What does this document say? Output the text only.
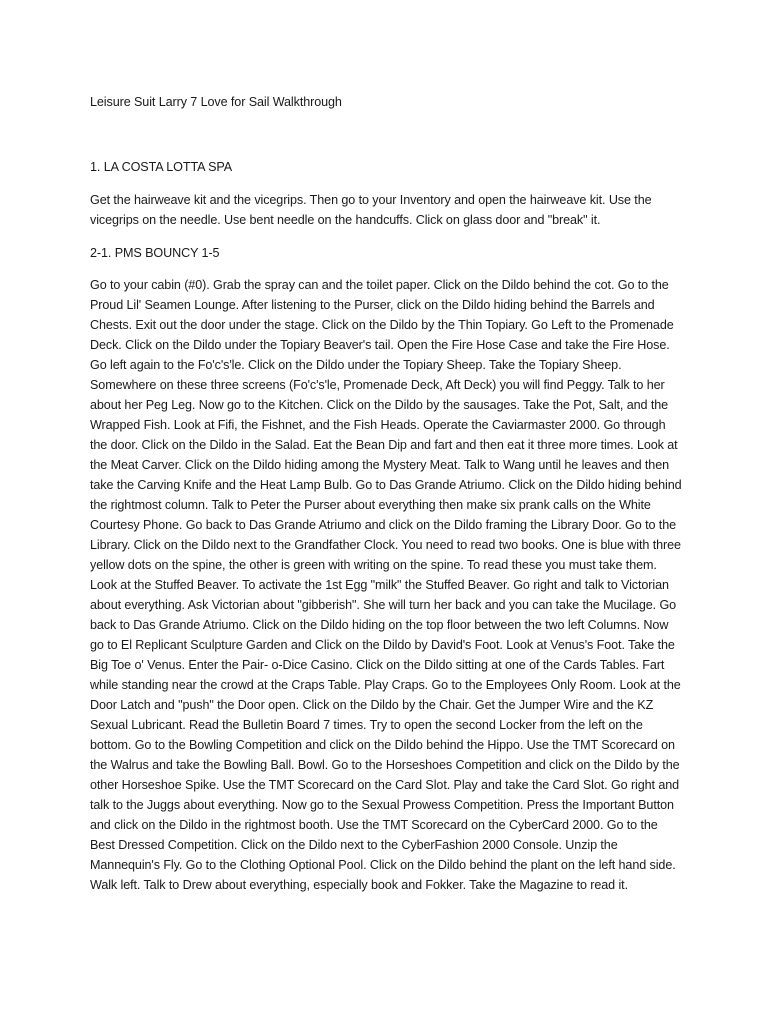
Leisure Suit Larry 7 Love for Sail Walkthrough
1. LA COSTA LOTTA SPA

Get the hairweave kit and the vicegrips. Then go to your Inventory and open the hairweave kit. Use the vicegrips on the needle. Use bent needle on the handcuffs. Click on glass door and "break" it.

2-1. PMS BOUNCY 1-5

Go to your cabin (#0). Grab the spray can and the toilet paper. Click on the Dildo behind the cot. Go to the Proud Lil' Seamen Lounge. After listening to the Purser, click on the Dildo hiding behind the Barrels and Chests. Exit out the door under the stage. Click on the Dildo by the Thin Topiary. Go Left to the Promenade Deck. Click on the Dildo under the Topiary Beaver's tail. Open the Fire Hose Case and take the Fire Hose. Go left again to the Fo'c's'le. Click on the Dildo under the Topiary Sheep. Take the Topiary Sheep. Somewhere on these three screens (Fo'c's'le, Promenade Deck, Aft Deck) you will find Peggy. Talk to her about her Peg Leg. Now go to the Kitchen. Click on the Dildo by the sausages. Take the Pot, Salt, and the Wrapped Fish. Look at Fifi, the Fishnet, and the Fish Heads. Operate the Caviarmaster 2000. Go through the door. Click on the Dildo in the Salad. Eat the Bean Dip and fart and then eat it three more times. Look at the Meat Carver. Click on the Dildo hiding among the Mystery Meat. Talk to Wang until he leaves and then take the Carving Knife and the Heat Lamp Bulb. Go to Das Grande Atriumo. Click on the Dildo hiding behind the rightmost column. Talk to Peter the Purser about everything then make six prank calls on the White Courtesy Phone. Go back to Das Grande Atriumo and click on the Dildo framing the Library Door. Go to the Library. Click on the Dildo next to the Grandfather Clock. You need to read two books. One is blue with three yellow dots on the spine, the other is green with writing on the spine. To read these you must take them. Look at the Stuffed Beaver. To activate the 1st Egg "milk" the Stuffed Beaver. Go right and talk to Victorian about everything. Ask Victorian about "gibberish". She will turn her back and you can take the Mucilage. Go back to Das Grande Atriumo. Click on the Dildo hiding on the top floor between the two left Columns. Now go to El Replicant Sculpture Garden and Click on the Dildo by David's Foot. Look at Venus's Foot. Take the Big Toe o' Venus. Enter the Pair- o-Dice Casino. Click on the Dildo sitting at one of the Cards Tables. Fart while standing near the crowd at the Craps Table. Play Craps. Go to the Employees Only Room. Look at the Door Latch and "push" the Door open. Click on the Dildo by the Chair. Get the Jumper Wire and the KZ Sexual Lubricant. Read the Bulletin Board 7 times. Try to open the second Locker from the left on the bottom. Go to the Bowling Competition and click on the Dildo behind the Hippo. Use the TMT Scorecard on the Walrus and take the Bowling Ball. Bowl. Go to the Horseshoes Competition and click on the Dildo by the other Horseshoe Spike. Use the TMT Scorecard on the Card Slot. Play and take the Card Slot. Go right and talk to the Juggs about everything. Now go to the Sexual Prowess Competition. Press the Important Button and click on the Dildo in the rightmost booth. Use the TMT Scorecard on the CyberCard 2000. Go to the Best Dressed Competition. Click on the Dildo next to the CyberFashion 2000 Console. Unzip the Mannequin's Fly. Go to the Clothing Optional Pool. Click on the Dildo behind the plant on the left hand side. Walk left. Talk to Drew about everything, especially book and Fokker. Take the Magazine to read it.
